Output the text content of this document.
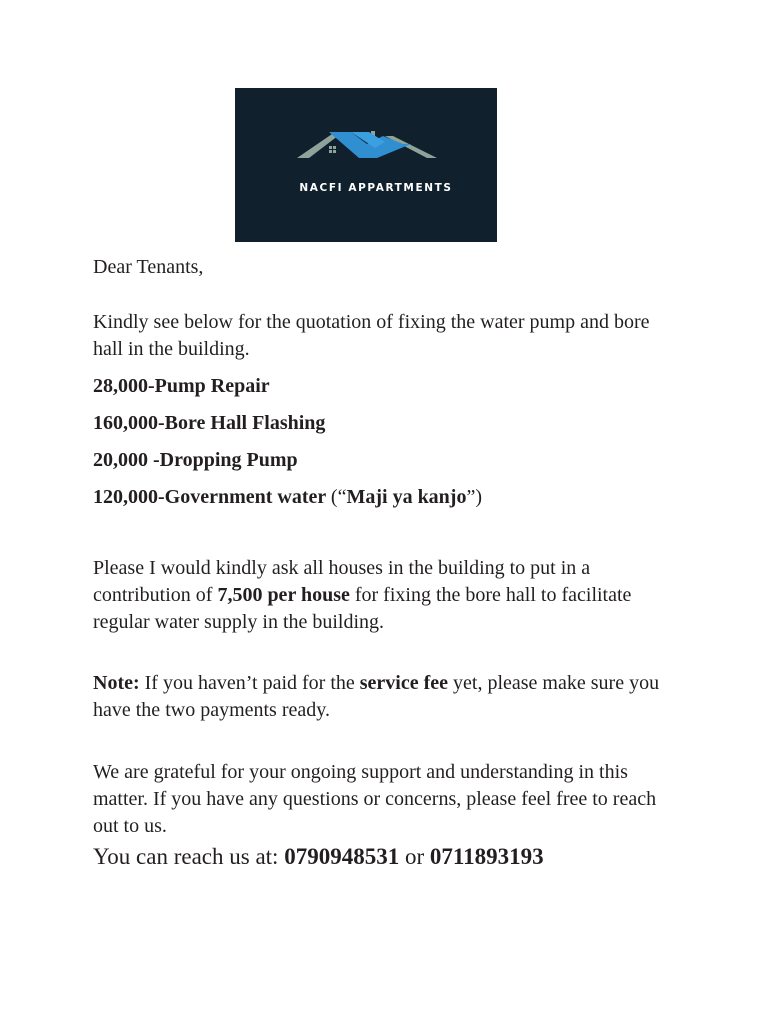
NACFI APPARTMENTS

Dear Tenants,

Kindly see below for the quotation of fixing the water pump and bore hall in the building.

28,000-Pump Repair

160,000-Bore Hall Flashing

20,000 -Dropping Pump

120,000-Government water (“Maji ya kanjo”)

Please I would kindly ask all houses in the building to put in a contribution of 7,500 per house for fixing the bore hall to facilitate regular water supply in the building.

Note: If you haven’t paid for the service fee yet, please make sure you have the two payments ready.

We are grateful for your ongoing support and understanding in this matter. If you have any questions or concerns, please feel free to reach out to us.

You can reach us at: 0790948531 or 0711893193
